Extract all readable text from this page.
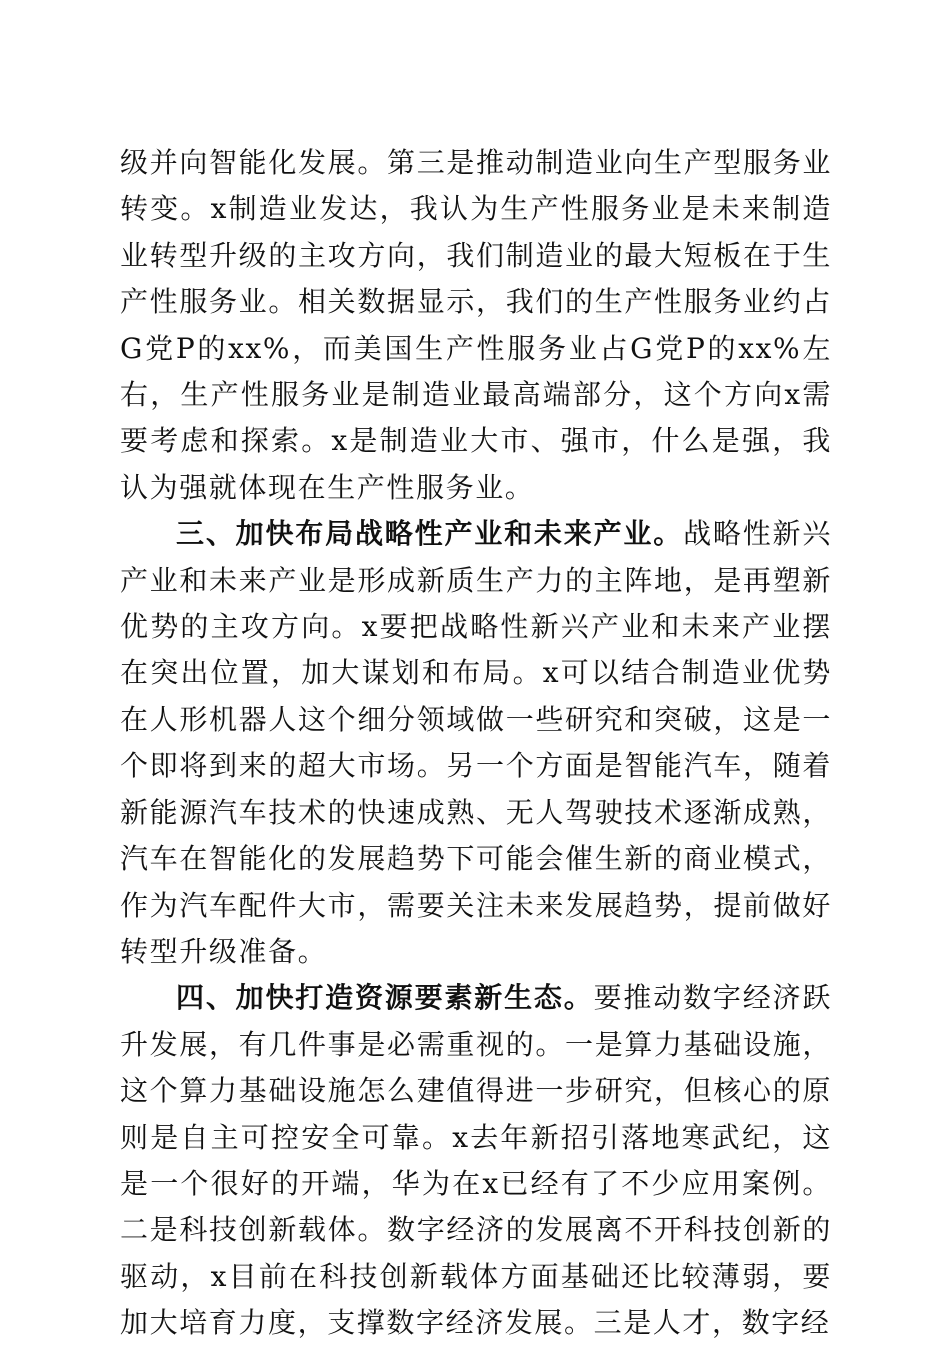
级并向智能化发展。第三是推动制造业向生产型服务业转变。x制造业发达，我认为生产性服务业是未来制造业转型升级的主攻方向，我们制造业的最大短板在于生产性服务业。相关数据显示，我们的生产性服务业约占G党P的xx%，而美国生产性服务业占G党P的xx%左右，生产性服务业是制造业最高端部分，这个方向x需要考虑和探索。x是制造业大市、强市，什么是强，我认为强就体现在生产性服务业。

三、加快布局战略性产业和未来产业。战略性新兴产业和未来产业是形成新质生产力的主阵地，是再塑新优势的主攻方向。x要把战略性新兴产业和未来产业摆在突出位置，加大谋划和布局。x可以结合制造业优势在人形机器人这个细分领域做一些研究和突破，这是一个即将到来的超大市场。另一个方面是智能汽车，随着新能源汽车技术的快速成熟、无人驾驶技术逐渐成熟，汽车在智能化的发展趋势下可能会催生新的商业模式，作为汽车配件大市，需要关注未来发展趋势，提前做好转型升级准备。

四、加快打造资源要素新生态。要推动数字经济跃升发展，有几件事是必需重视的。一是算力基础设施，这个算力基础设施怎么建值得进一步研究，但核心的原则是自主可控安全可靠。x去年新招引落地寒武纪，这是一个很好的开端，华为在x已经有了不少应用案例。二是科技创新载体。数字经济的发展离不开科技创新的驱动，x目前在科技创新载体方面基础还比较薄弱，要加大培育力度，支撑数字经济发展。三是人才，数字经
